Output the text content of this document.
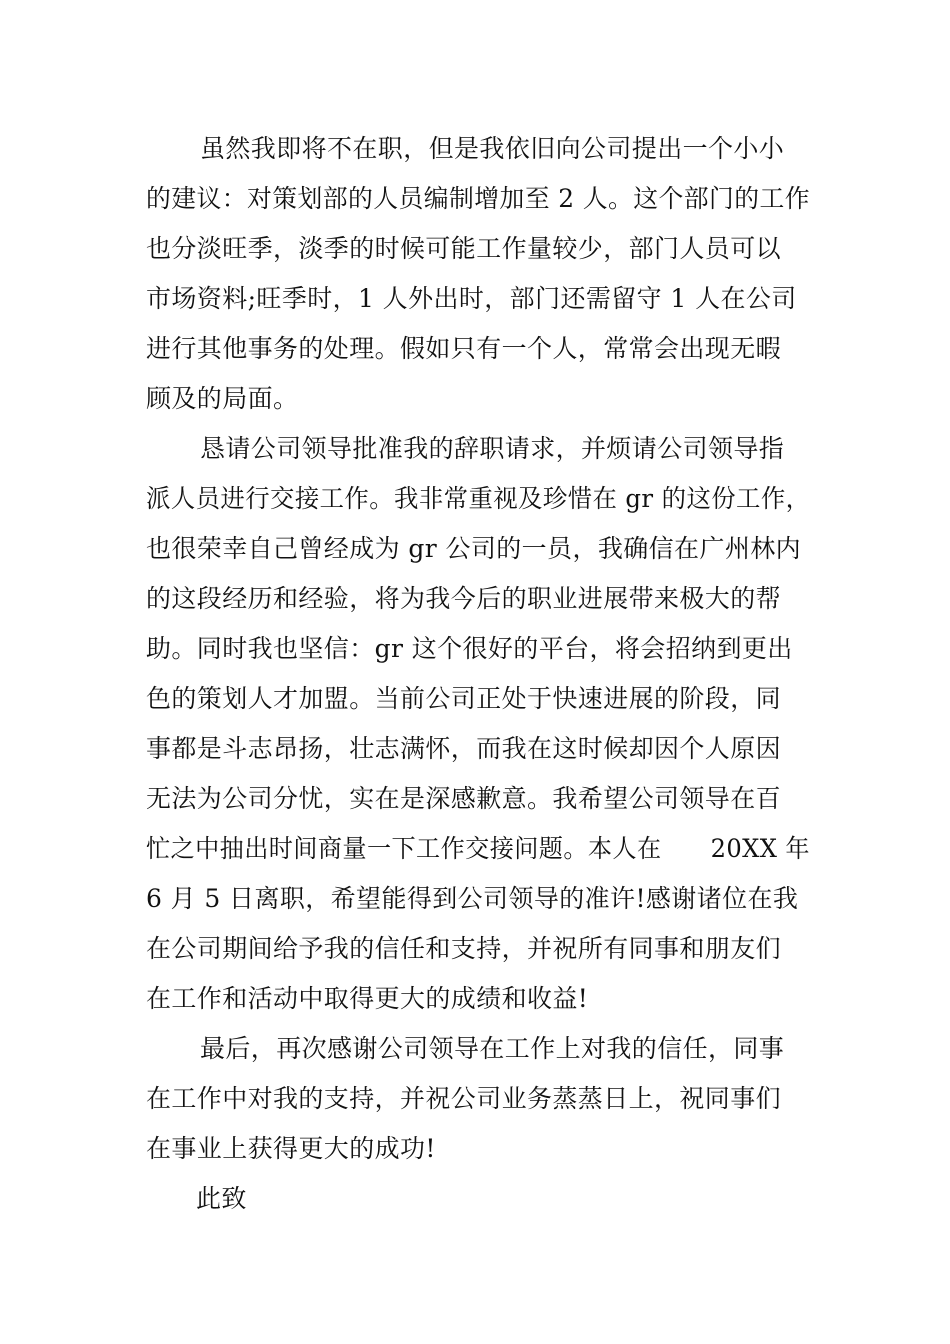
虽然我即将不在职，但是我依旧向公司提出一个小小
的建议：对策划部的人员编制增加至 2 人。这个部门的工作
也分淡旺季，淡季的时候可能工作量较少，部门人员可以
市场资料;旺季时，1 人外出时，部门还需留守 1 人在公司
进行其他事务的处理。假如只有一个人，常常会出现无暇
顾及的局面。
恳请公司领导批准我的辞职请求，并烦请公司领导指
派人员进行交接工作。我非常重视及珍惜在 gr 的这份工作，
也很荣幸自己曾经成为 gr 公司的一员，我确信在广州林内
的这段经历和经验，将为我今后的职业进展带来极大的帮
助。同时我也坚信：gr 这个很好的平台，将会招纳到更出
色的策划人才加盟。当前公司正处于快速进展的阶段，同
事都是斗志昂扬，壮志满怀，而我在这时候却因个人原因
无法为公司分忧，实在是深感歉意。我希望公司领导在百
忙之中抽出时间商量一下工作交接问题。本人在　　20XX 年
6 月 5 日离职，希望能得到公司领导的准许!感谢诸位在我
在公司期间给予我的信任和支持，并祝所有同事和朋友们
在工作和活动中取得更大的成绩和收益!
最后，再次感谢公司领导在工作上对我的信任，同事
在工作中对我的支持，并祝公司业务蒸蒸日上，祝同事们
在事业上获得更大的成功!
此致
